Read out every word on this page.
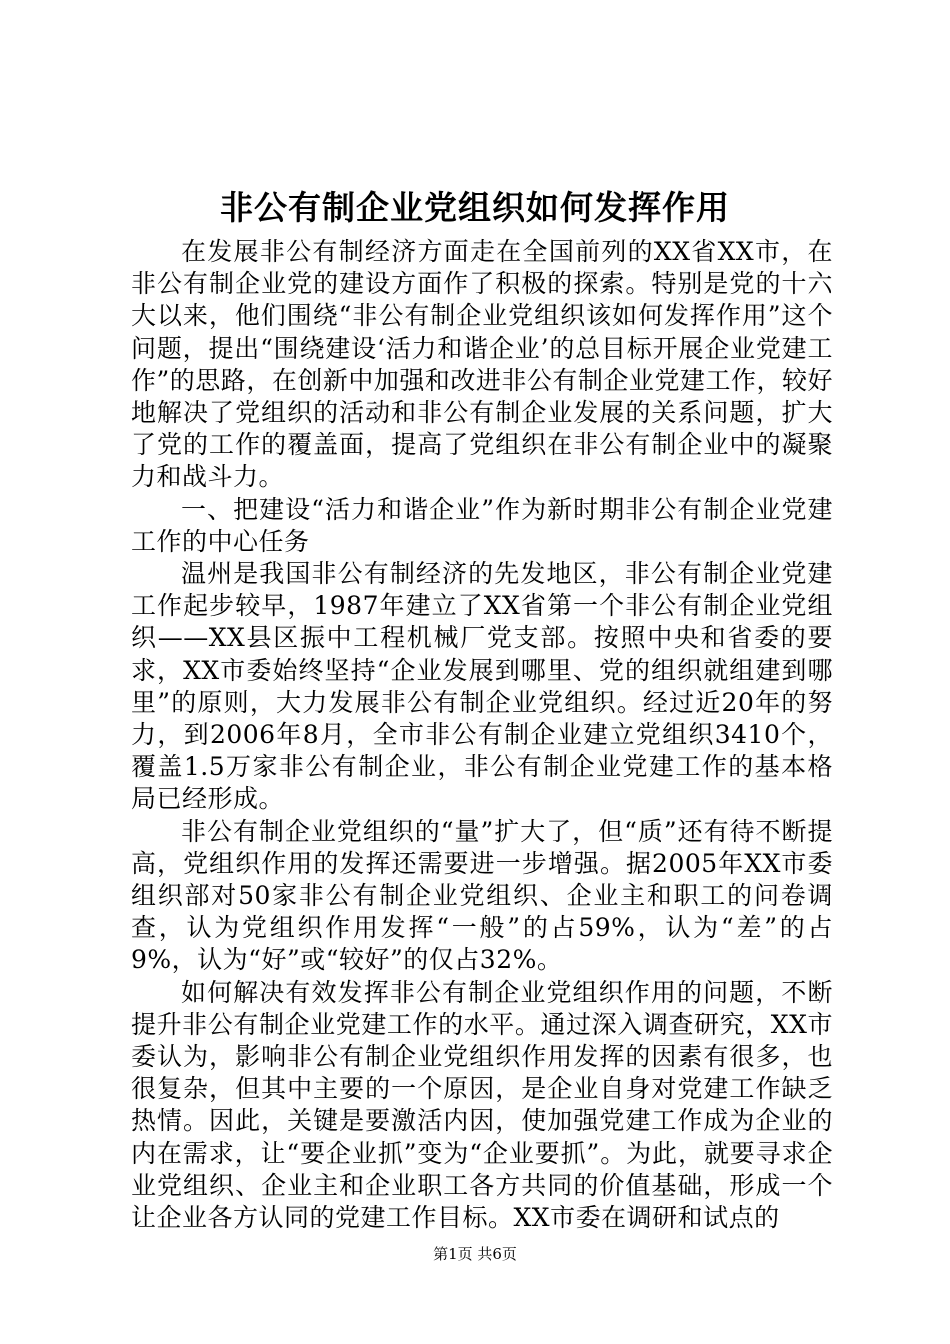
非公有制企业党组织如何发挥作用

在发展非公有制经济方面走在全国前列的XX省XX市，在非公有制企业党的建设方面作了积极的探索。特别是党的十六大以来，他们围绕“非公有制企业党组织该如何发挥作用”这个问题，提出“围绕建设‘活力和谐企业’的总目标开展企业党建工作”的思路，在创新中加强和改进非公有制企业党建工作，较好地解决了党组织的活动和非公有制企业发展的关系问题，扩大了党的工作的覆盖面，提高了党组织在非公有制企业中的凝聚力和战斗力。

一、把建设“活力和谐企业”作为新时期非公有制企业党建工作的中心任务

温州是我国非公有制经济的先发地区，非公有制企业党建工作起步较早，1987年建立了XX省第一个非公有制企业党组织——XX县区振中工程机械厂党支部。按照中央和省委的要求，XX市委始终坚持“企业发展到哪里、党的组织就组建到哪里”的原则，大力发展非公有制企业党组织。经过近20年的努力，到2006年8月，全市非公有制企业建立党组织3410个，覆盖1.5万家非公有制企业，非公有制企业党建工作的基本格局已经形成。

非公有制企业党组织的“量”扩大了，但“质”还有待不断提高，党组织作用的发挥还需要进一步增强。据2005年XX市委组织部对50家非公有制企业党组织、企业主和职工的问卷调查，认为党组织作用发挥“一般”的占59%，认为“差”的占9%，认为“好”或“较好”的仅占32%。

如何解决有效发挥非公有制企业党组织作用的问题，不断提升非公有制企业党建工作的水平。通过深入调查研究，XX市委认为，影响非公有制企业党组织作用发挥的因素有很多，也很复杂，但其中主要的一个原因，是企业自身对党建工作缺乏热情。因此，关键是要激活内因，使加强党建工作成为企业的内在需求，让“要企业抓”变为“企业要抓”。为此，就要寻求企业党组织、企业主和企业职工各方共同的价值基础，形成一个让企业各方认同的党建工作目标。XX市委在调研和试点的

第1页 共6页
